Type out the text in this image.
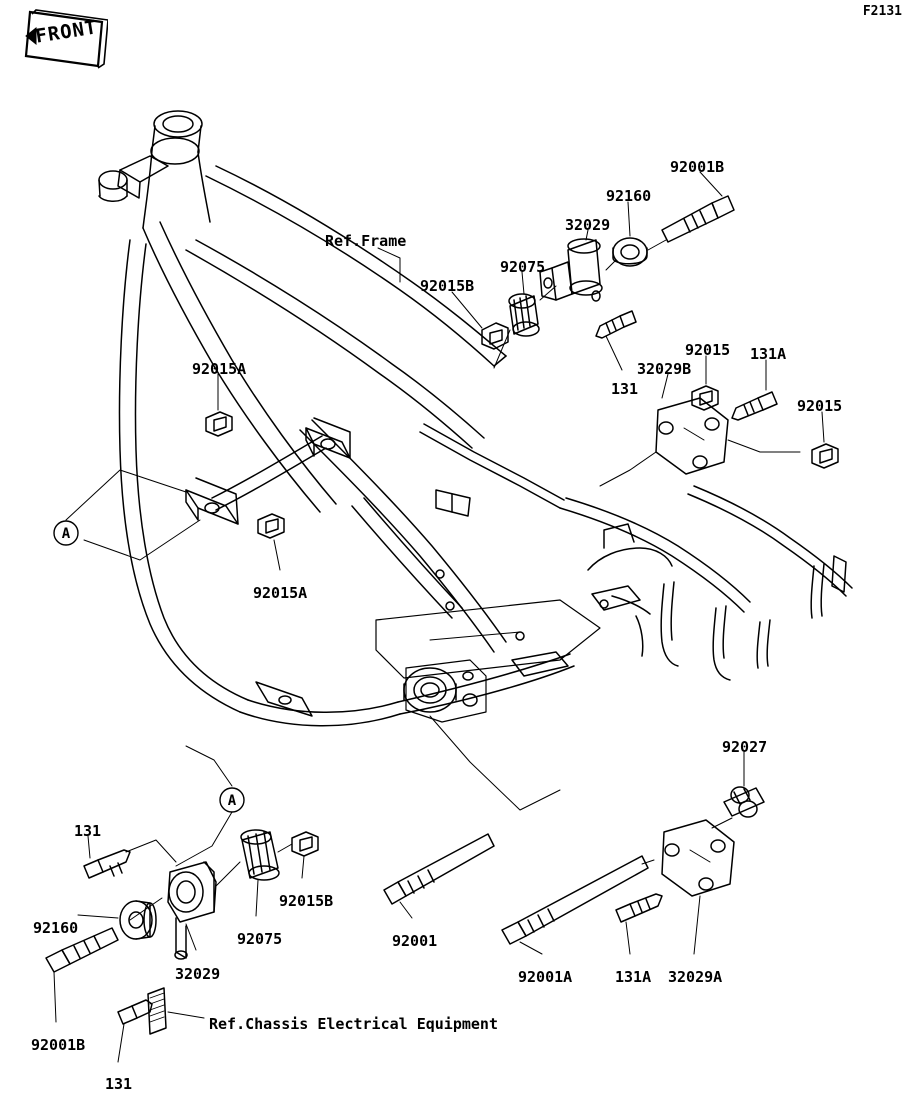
F2131
FRONT
A
A
Ref.Frame
92001B
92160
32029
92075
92015B
131
32029B
92015 131A
92015
92015A
92015A
92027
131
92160
92075
92015B
32029
92001
92001A	131A 32029A
92001B
131
Ref.Chassis Electrical Equipment
